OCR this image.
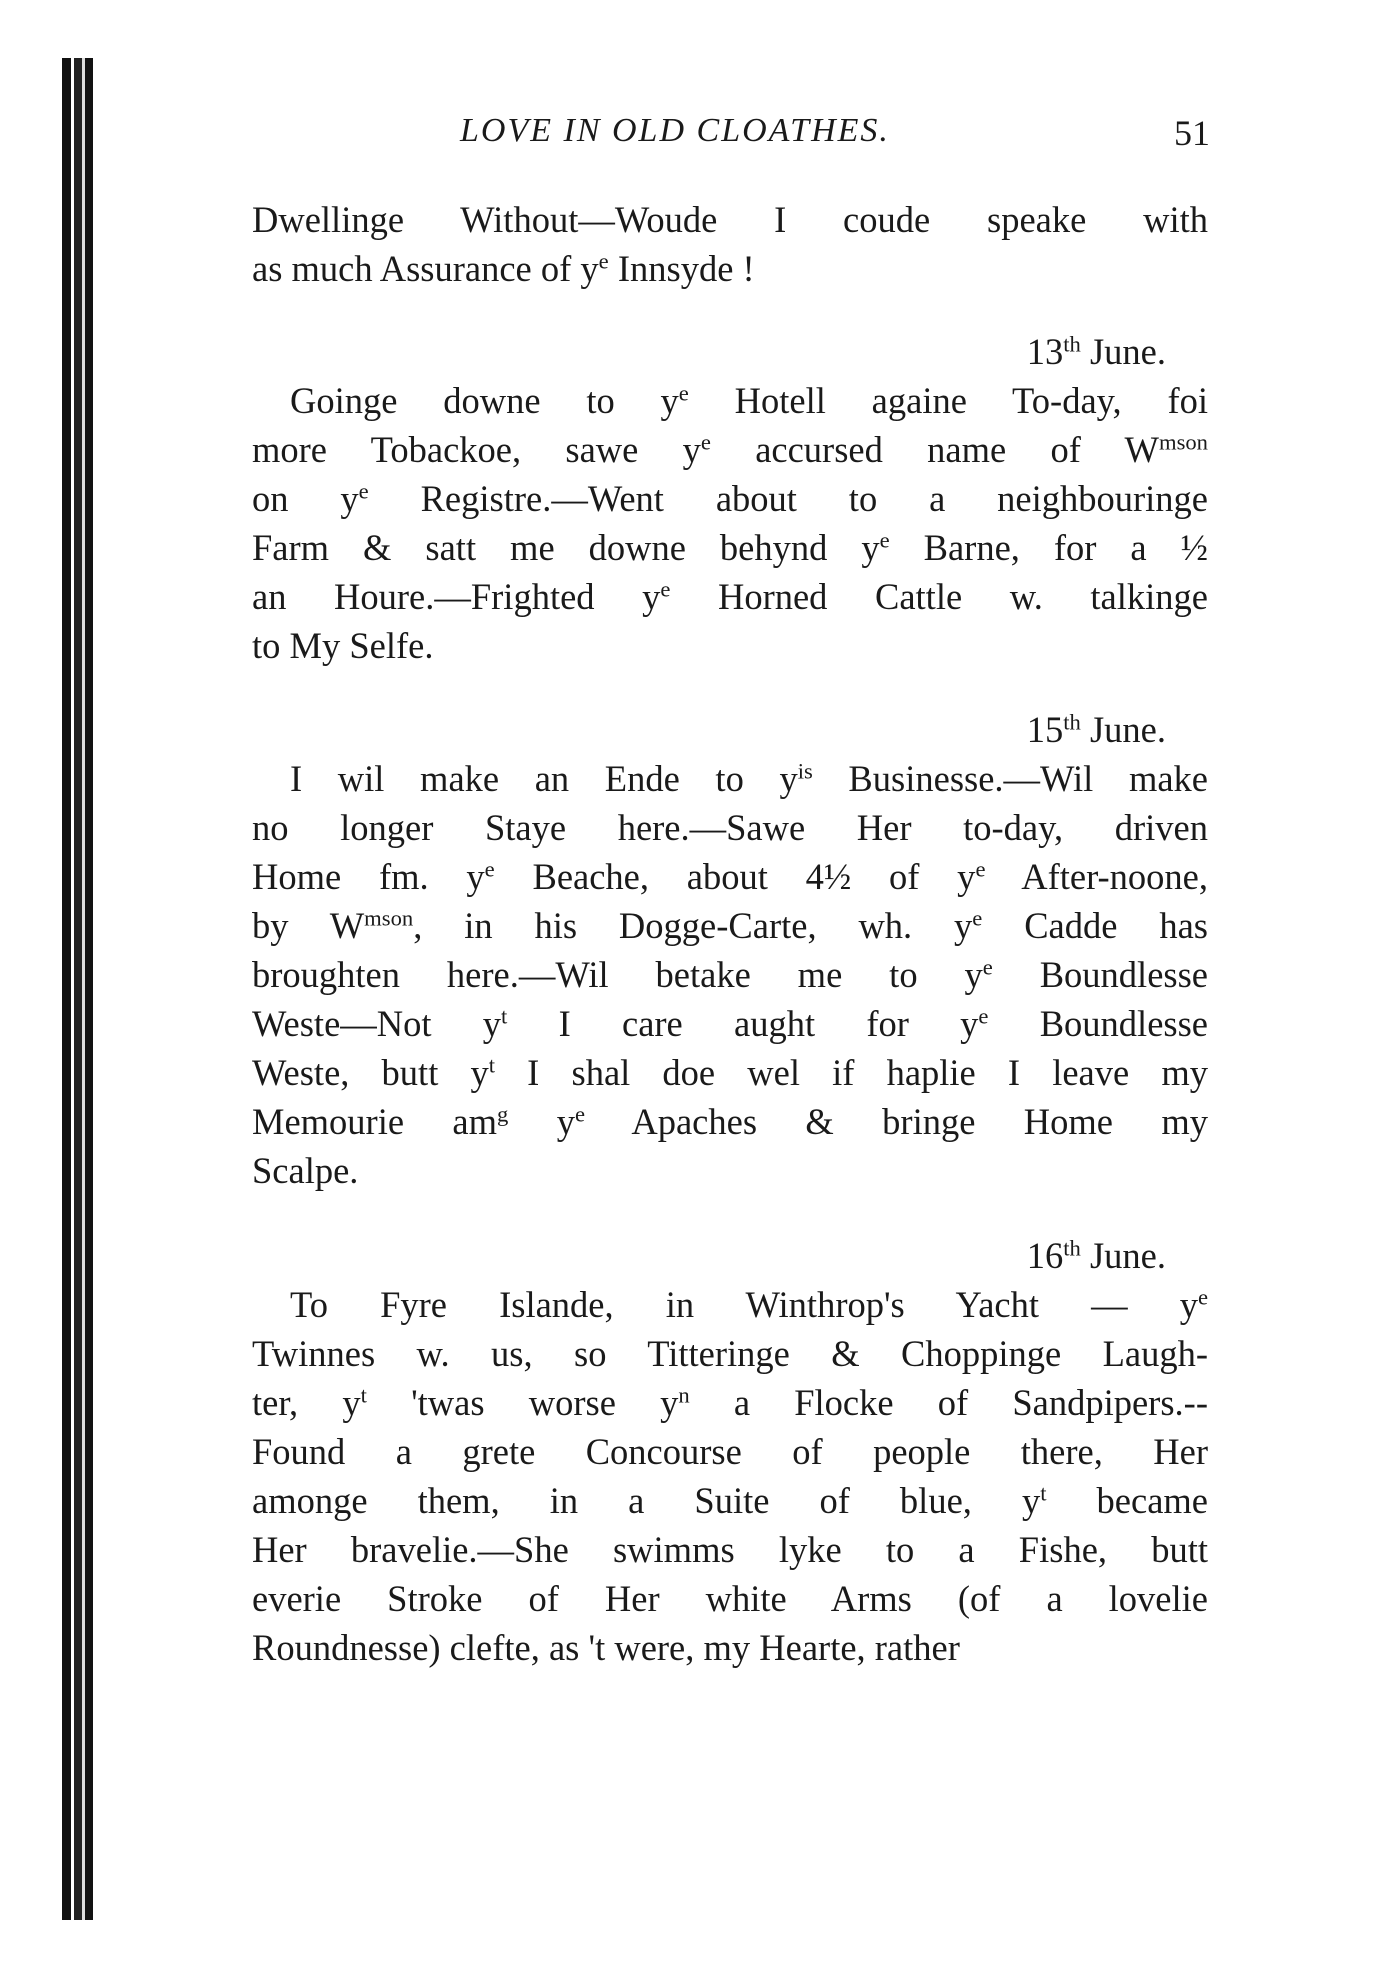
LOVE IN OLD CLOATHES.	51
Dwellinge Without—Woude I coude speake with
as much Assurance of $y^e$ Innsyde !
13th June.
Goinge downe to $y^e$ Hotell againe To-day, foi
more Tobackoe, sawe $y^e$ accursed name of $W^{mson}$
on $y^e$ Registre.—Went about to a neighbouringe
Farm & satt me downe behynd $y^e$ Barne, for a ½
an Houre.—Frighted $y^e$ Horned Cattle w. talkinge
to My Selfe.
15th June.
I wil make an Ende to $y^{is}$ Businesse.—Wil make
no longer Staye here.—Sawe Her to-day, driven
Home fm. $y^e$ Beache, about 4½ of $y^e$ After-noone,
by $W^{mson}$, in his Dogge-Carte, wh. $y^e$ Cadde has
broughten here.—Wil betake me to $y^e$ Boundlesse
Weste—Not $y^t$ I care aught for $y^e$ Boundlesse
Weste, butt $y^t$ I shal doe wel if haplie I leave my
Memourie $am^g$ $y^e$ Apaches & bringe Home my
Scalpe.
16th June.
To Fyre Islande, in Winthrop's Yacht — $y^e$
Twinnes w. us, so Titteringe & Choppinge Laugh-
ter, $y^t$ 'twas worse $y^n$ a Flocke of Sandpipers.--
Found a grete Concourse of people there, Her
amonge them, in a Suite of blue, $y^t$ became
Her bravelie.—She swimms lyke to a Fishe, butt
everie Stroke of Her white Arms (of a lovelie
Roundnesse) clefte, as 't were, my Hearte, rather
